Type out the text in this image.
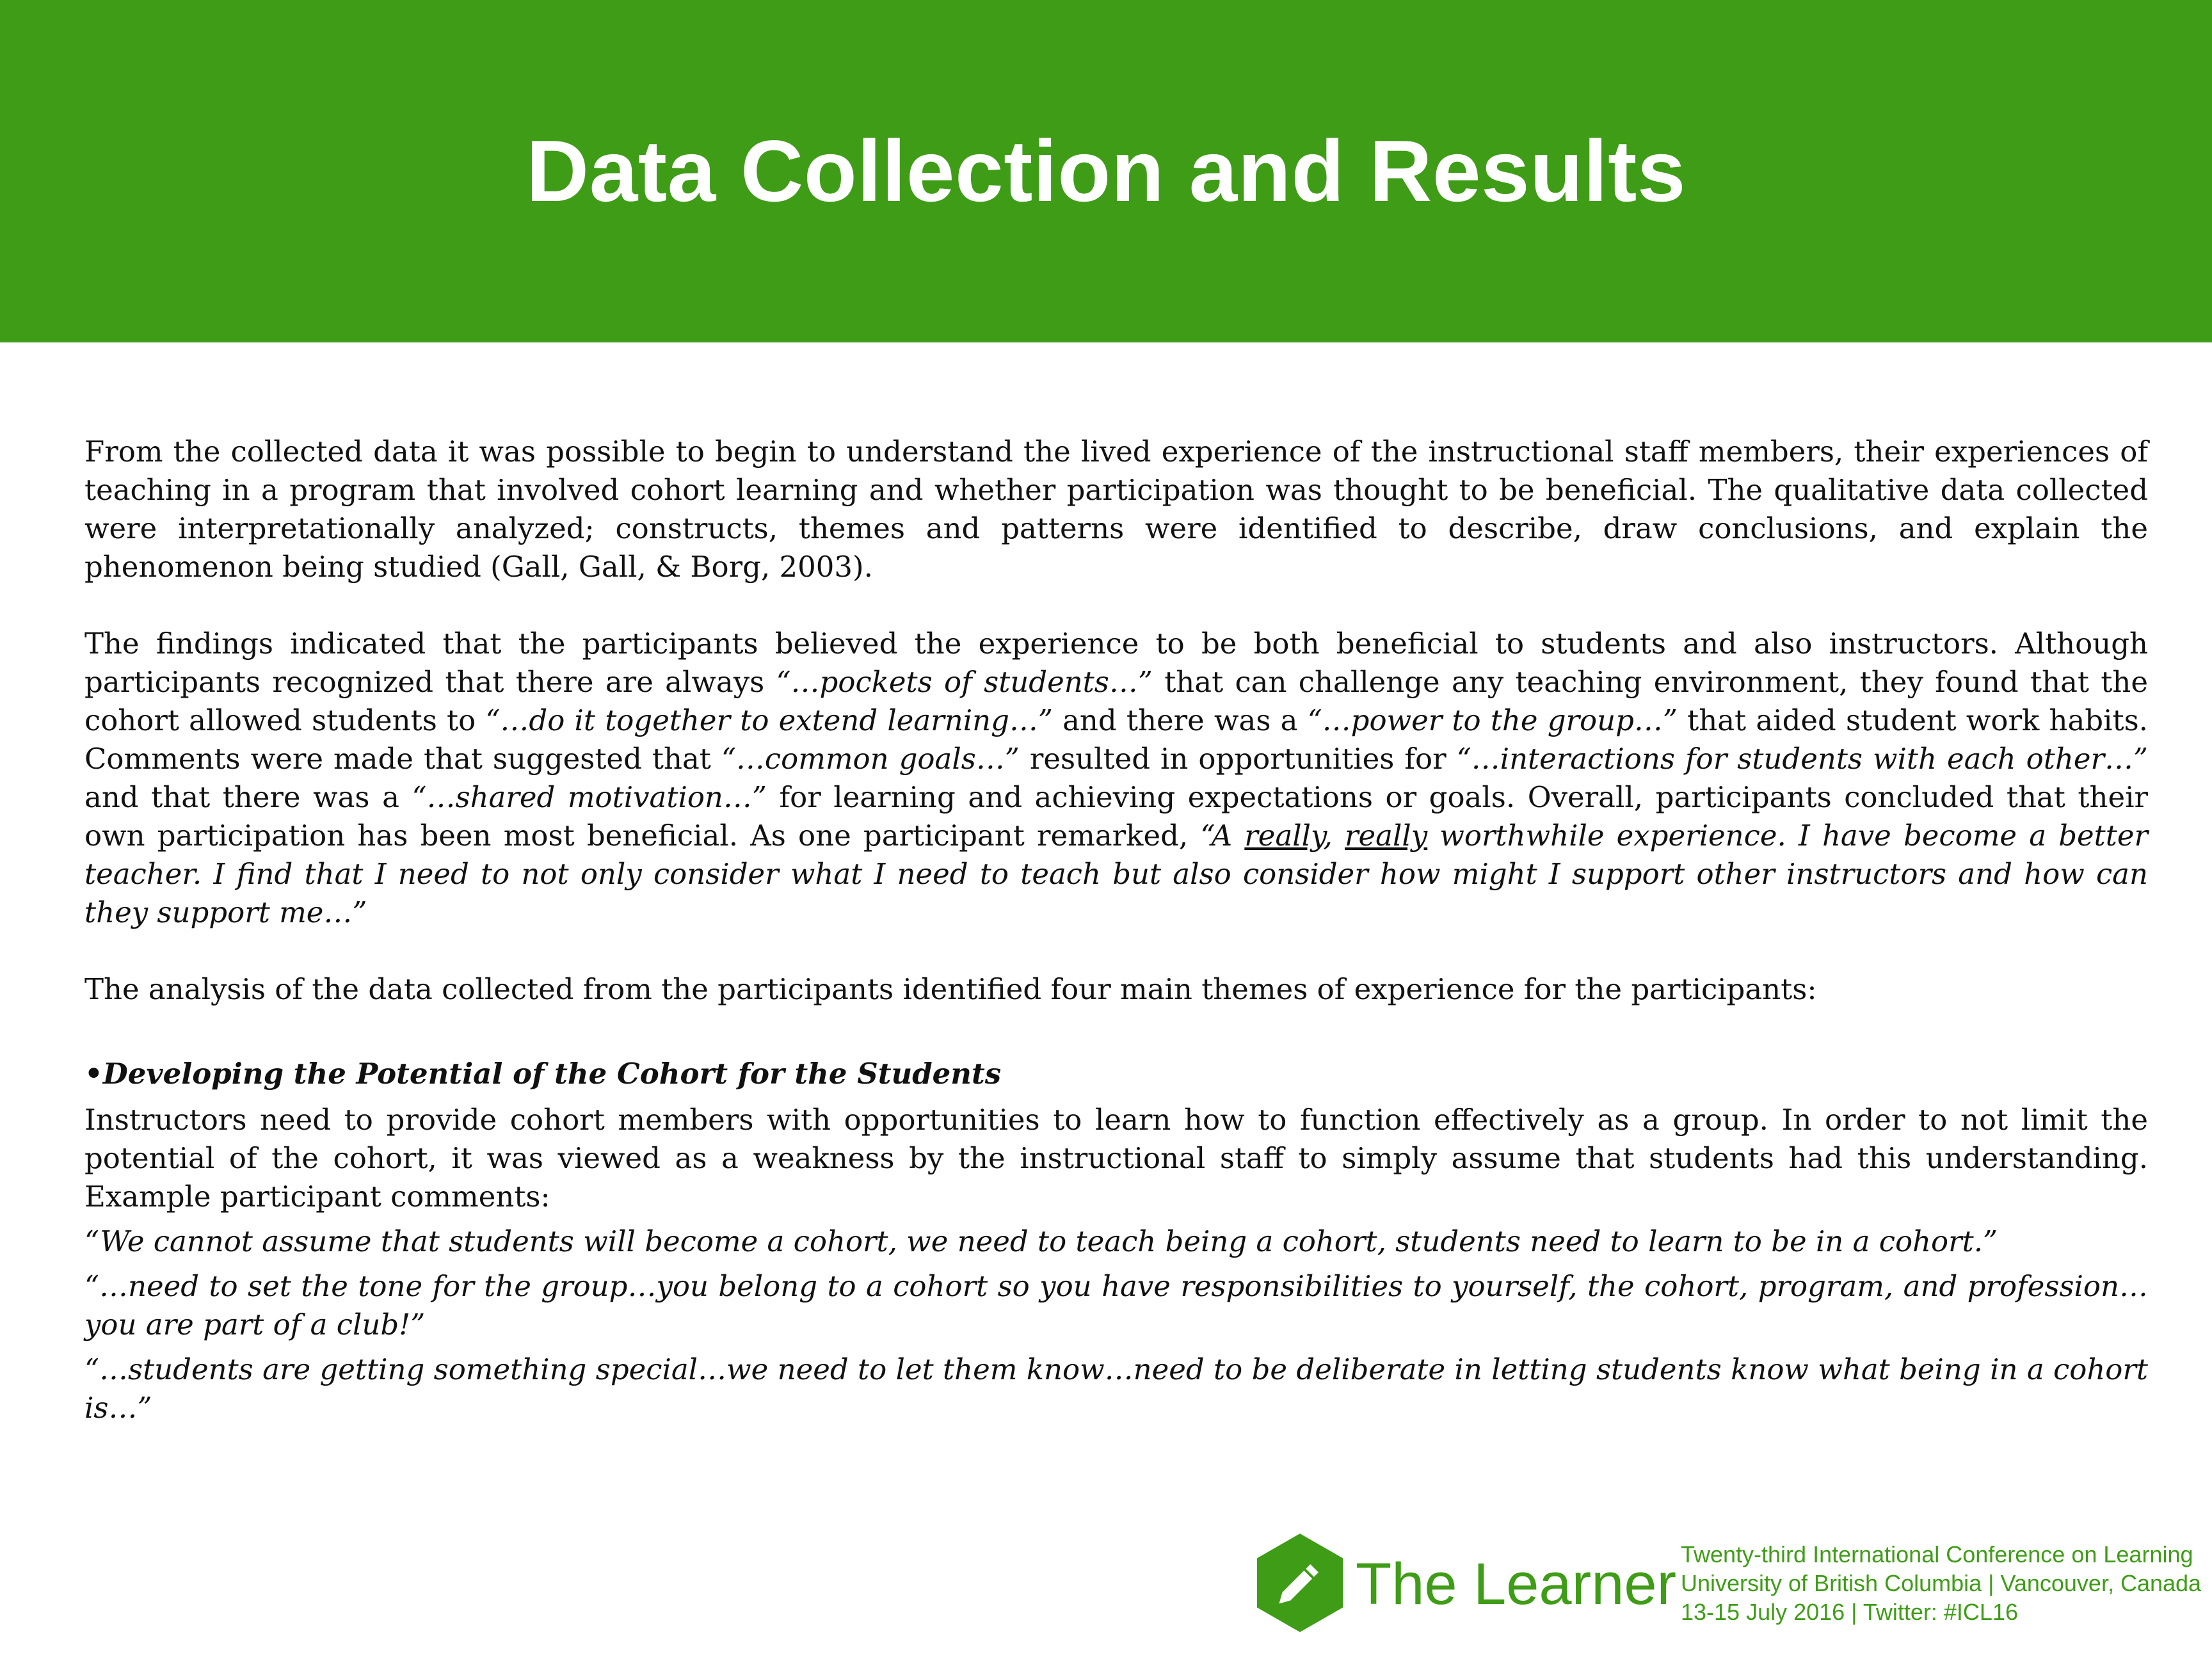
Data Collection and Results

From the collected data it was possible to begin to understand the lived experience of the instructional staff members, their experiences of teaching in a program that involved cohort learning and whether participation was thought to be beneficial. The qualitative data collected were interpretationally analyzed; constructs, themes and patterns were identified to describe, draw conclusions, and explain the phenomenon being studied (Gall, Gall, & Borg, 2003).

The findings indicated that the participants believed the experience to be both beneficial to students and also instructors. Although participants recognized that there are always “…pockets of students…” that can challenge any teaching environment, they found that the cohort allowed students to “…do it together to extend learning…” and there was a “…power to the group…” that aided student work habits. Comments were made that suggested that “…common goals…” resulted in opportunities for “…interactions for students with each other…” and that there was a “…shared motivation…” for learning and achieving expectations or goals. Overall, participants concluded that their own participation has been most beneficial. As one participant remarked, “A really, really worthwhile experience. I have become a better teacher. I find that I need to not only consider what I need to teach but also consider how might I support other instructors and how can they support me…”

The analysis of the data collected from the participants identified four main themes of experience for the participants:

•Developing the Potential of the Cohort for the Students

Instructors need to provide cohort members with opportunities to learn how to function effectively as a group. In order to not limit the potential of the cohort, it was viewed as a weakness by the instructional staff to simply assume that students had this understanding. Example participant comments:

“We cannot assume that students will become a cohort, we need to teach being a cohort, students need to learn to be in a cohort.”

“…need to set the tone for the group…you belong to a cohort so you have responsibilities to yourself, the cohort, program, and profession…you are part of a club!”

“…students are getting something special…we need to let them know…need to be deliberate in letting students know what being in a cohort is…”

The Learner Twenty-third International Conference on Learning
University of British Columbia | Vancouver, Canada
13-15 July 2016 | Twitter: #ICL16
